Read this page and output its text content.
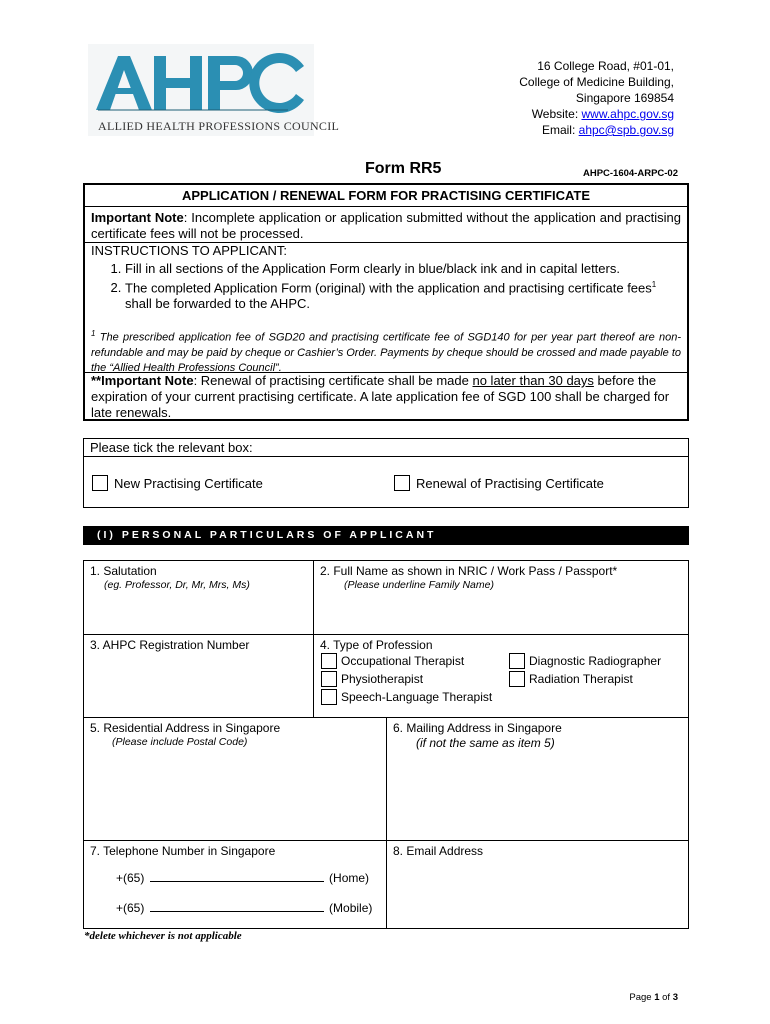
ALLIED HEALTH PROFESSIONS COUNCIL
16 College Road, #01-01,
College of Medicine Building,
Singapore 169854
Website: www.ahpc.gov.sg
Email: ahpc@spb.gov.sg
Form RR5	AHPC-1604-ARPC-02
APPLICATION / RENEWAL FORM FOR PRACTISING CERTIFICATE
Important Note: Incomplete application or application submitted without the application and practising certificate fees will not be processed.
INSTRUCTIONS TO APPLICANT:
1. Fill in all sections of the Application Form clearly in blue/black ink and in capital letters.
2. The completed Application Form (original) with the application and practising certificate fees$^1$
shall be forwarded to the AHPC.
$^1$ The prescribed application fee of SGD20 and practising certificate fee of SGD140 for per year part thereof are non-refundable and may be paid by cheque or Cashier’s Order. Payments by cheque should be crossed and made payable to the “Allied Health Professions Council”.
**Important Note: Renewal of practising certificate shall be made no later than 30 days before the expiration of your current practising certificate. A late application fee of SGD 100 shall be charged for late renewals.
Please tick the relevant box:
New Practising Certificate	Renewal of Practising Certificate
(I) PERSONAL PARTICULARS OF APPLICANT
1. Salutation
(eg. Professor, Dr, Mr, Mrs, Ms)
2. Full Name as shown in NRIC / Work Pass / Passport*
(Please underline Family Name)
3. AHPC Registration Number	4. Type of Profession
Occupational Therapist
Physiotherapist
Speech-Language Therapist
Diagnostic Radiographer
Radiation Therapist
5. Residential Address in Singapore
(Please include Postal Code)
6. Mailing Address in Singapore
(if not the same as item 5)
7. Telephone Number in Singapore
+(65)	(Home)
+(65)	(Mobile)
8. Email Address
*delete whichever is not applicable
Page 1 of 3
